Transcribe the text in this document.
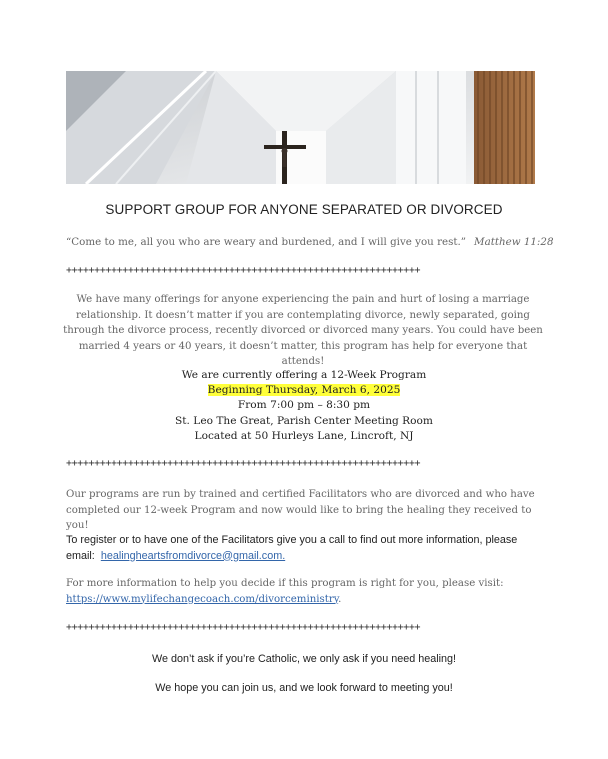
SUPPORT GROUP FOR ANYONE SEPARATED OR DIVORCED
“Come to me, all you who are weary and burdened, and I will give you rest.” Matthew 11:28
+++++++++++++++++++++++++++++++++++++++++++++++++++++++++++++++
We have many offerings for anyone experiencing the pain and hurt of losing a marriage relationship. It doesn’t matter if you are contemplating divorce, newly separated, going through the divorce process, recently divorced or divorced many years. You could have been married 4 years or 40 years, it doesn’t matter, this program has help for everyone that attends!
We are currently offering a 12-Week Program
Beginning Thursday, March 6, 2025
From 7:00 pm – 8:30 pm
St. Leo The Great, Parish Center Meeting Room
Located at 50 Hurleys Lane, Lincroft, NJ
+++++++++++++++++++++++++++++++++++++++++++++++++++++++++++++++
Our programs are run by trained and certified Facilitators who are divorced and who have completed our 12-week Program and now would like to bring the healing they received to you!
To register or to have one of the Facilitators give you a call to find out more information, please email: healingheartsfromdivorce@gmail.com.
For more information to help you decide if this program is right for you, please visit:
https://www.mylifechangecoach.com/divorceministry.
+++++++++++++++++++++++++++++++++++++++++++++++++++++++++++++++
We don’t ask if you’re Catholic, we only ask if you need healing!
We hope you can join us, and we look forward to meeting you!
